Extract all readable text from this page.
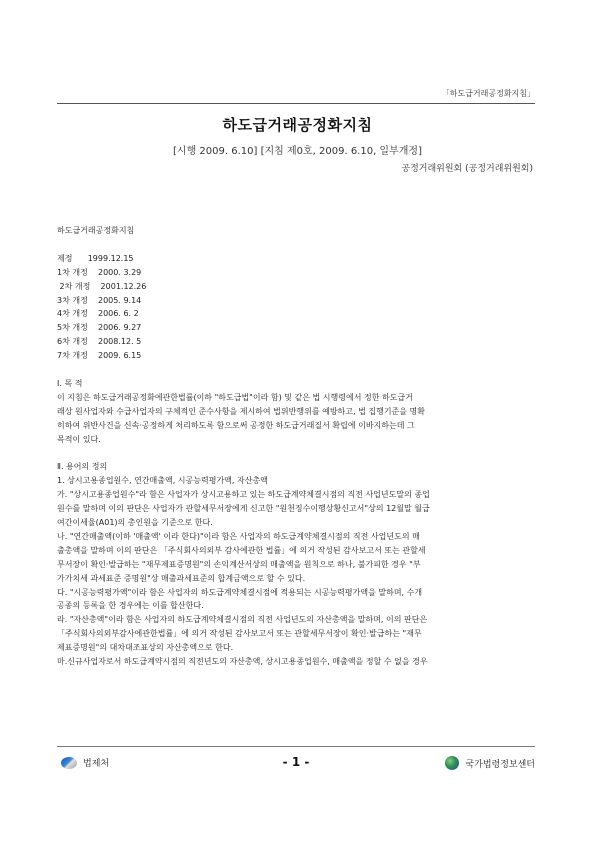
「하도급거래공정화지침」
하도급거래공정화지침
[시행 2009. 6.10] [지침 제0호, 2009. 6.10, 일부개정]
공정거래위원회 (공정거래위원회)
하도급거래공정화지침
제정 1999.12.15
1차 개정 2000. 3.29
2차 개정 2001.12.26
3차 개정 2005. 9.14
4차 개정 2006. 6. 2
5차 개정 2006. 9.27
6차 개정 2008.12. 5
7차 개정 2009. 6.15
Ⅰ. 목 적
이 지침은 하도급거래공정화에관한법률(이하 "하도급법"이라 함) 및 같은 법 시행령에서 정한 하도급거
래상 원사업자와 수급사업자의 구체적인 준수사항을 제시하여 법위반행위를 예방하고, 법 집행기준을 명확
히하여 위반사건을 신속·공정하게 처리하도록 함으로써 공정한 하도급거래질서 확립에 이바지하는데 그
목적이 있다.
Ⅱ. 용어의 정의
1. 상시고용종업원수, 연간매출액, 시공능력평가액, 자산총액
가. "상시고용종업원수"라 함은 사업자가 상시고용하고 있는 하도급계약체결시점의 직전 사업년도말의 종업
원수를 말하며 이의 판단은 사업자가 관할세무서장에게 신고한 "원천징수이행상황신고서"상의 12월말 월급
여간이세율(A01)의 총인원을 기준으로 한다.
나. "연간매출액(이하 '매출액' 이라 한다)"이라 함은 사업자의 하도급계약체결시점의 직전 사업년도의 매
출총액을 말하며 이의 판단은 「주식회사의외부 감사에관한 법률」에 의거 작성된 감사보고서 또는 관할세
무서장이 확인·발급하는 "재무제표증명원"의 손익계산서상의 매출액을 원칙으로 하나, 불가피한 경우 "부
가가치세 과세표준 증명원"상 매출과세표준의 합계금액으로 할 수 있다.
다. "시공능력평가액"이라 함은 사업자의 하도급계약체결시점에 적용되는 시공능력평가액을 말하며, 수개
공종의 등록을 한 경우에는 이를 합산한다.
라. "자산총액"이라 함은 사업자의 하도급계약체결시점의 직전 사업년도의 자산총액을 말하며, 이의 판단은
「주식회사의외부감사에관한법률」에 의거 작성된 감사보고서 또는 관할세무서장이 확인·발급하는 "재무
제표증명원"의 대차대조표상의 자산총액으로 한다.
마.신규사업자로서 하도급계약시점의 직전년도의 자산총액, 상시고용종업원수, 매출액을 정할 수 없을 경우
법제처	- 1 -	국가법령정보센터
